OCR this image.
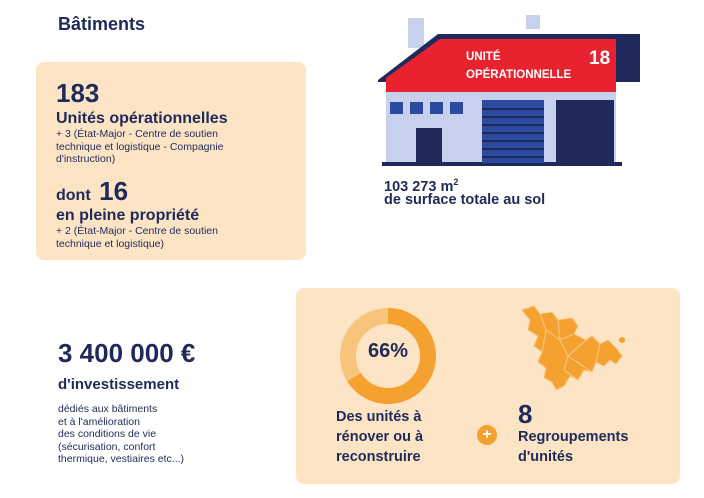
Bâtiments
183
Unités opérationnelles
+ 3 (État-Major - Centre de soutien
technique et logistique - Compagnie
d'instruction)
dont 16
en pleine propriété
+ 2 (État-Major - Centre de soutien
technique et logistique)
UNITÉ
OPÉRATIONNELLE
18
103 273 $m^2$
de surface totale au sol
3 400 000 €
d'investissement
dédiés aux bâtiments
et à l'amélioration
des conditions de vie
(sécurisation, confort
thermique, vestiaires etc...)
66%
Des unités à
rénover ou à
reconstruire
+
8
Regroupements
d'unités
